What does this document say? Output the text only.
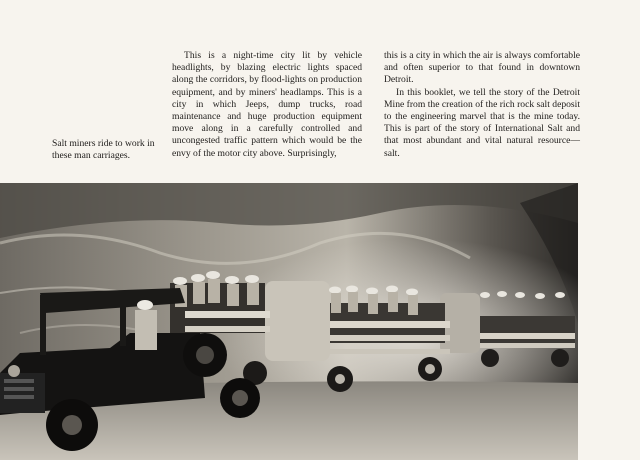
Salt miners ride to work in these man carriages.

This is a night-time city lit by vehicle headlights, by blazing electric lights spaced along the corridors, by flood-lights on production equipment, and by miners' headlamps. This is a city in which Jeeps, dump trucks, road maintenance and huge production equipment move along in a carefully controlled and uncongested traffic pattern which would be the envy of the motor city above. Surprisingly,

this is a city in which the air is always comfortable and often superior to that found in downtown Detroit.

In this booklet, we tell the story of the Detroit Mine from the creation of the rich rock salt deposit to the engineering marvel that is the mine today. This is part of the story of International Salt and that most abundant and vital natural resource—salt.
